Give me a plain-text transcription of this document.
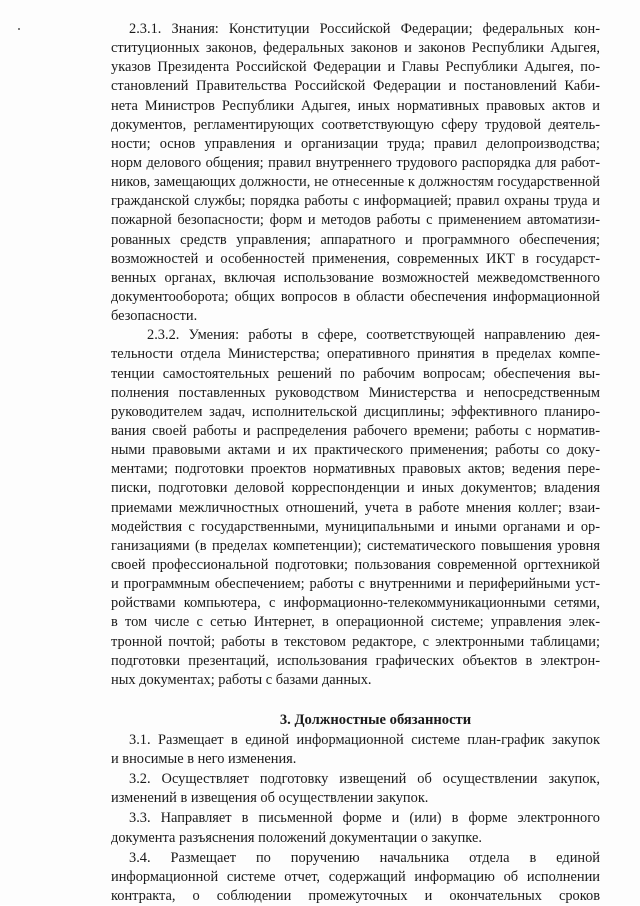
2.3.1. Знания: Конституции Российской Федерации; федеральных кон-
ституционных законов, федеральных законов и законов Республики Адыгея,
указов Президента Российской Федерации и Главы Республики Адыгея, по-
становлений Правительства Российской Федерации и постановлений Каби-
нета Министров Республики Адыгея, иных нормативных правовых актов и
документов, регламентирующих соответствующую сферу трудовой деятель-
ности; основ управления и организации труда; правил делопроизводства;
норм делового общения; правил внутреннего трудового распорядка для работ-
ников, замещающих должности, не отнесенные к должностям государственной
гражданской службы; порядка работы с информацией; правил охраны труда и
пожарной безопасности; форм и методов работы с применением автоматизи-
рованных средств управления; аппаратного и программного обеспечения;
возможностей и особенностей применения, современных ИКТ в государст-
венных органах, включая использование возможностей межведомственного
документооборота; общих вопросов в области обеспечения информационной
безопасности.
2.3.2. Умения: работы в сфере, соответствующей направлению дея-
тельности отдела Министерства; оперативного принятия в пределах компе-
тенции самостоятельных решений по рабочим вопросам; обеспечения вы-
полнения поставленных руководством Министерства и непосредственным
руководителем задач, исполнительской дисциплины; эффективного планиро-
вания своей работы и распределения рабочего времени; работы с норматив-
ными правовыми актами и их практического применения; работы со доку-
ментами; подготовки проектов нормативных правовых актов; ведения пере-
писки, подготовки деловой корреспонденции и иных документов; владения
приемами межличностных отношений, учета в работе мнения коллег; взаи-
модействия с государственными, муниципальными и иными органами и ор-
ганизациями (в пределах компетенции); систематического повышения уровня
своей профессиональной подготовки; пользования современной оргтехникой
и программным обеспечением; работы с внутренними и периферийными уст-
ройствами компьютера, с информационно-телекоммуникационными сетями,
в том числе с сетью Интернет, в операционной системе; управления элек-
тронной почтой; работы в текстовом редакторе, с электронными таблицами;
подготовки презентаций, использования графических объектов в электрон-
ных документах; работы с базами данных.
3. Должностные обязанности
3.1. Размещает в единой информационной системе план-график закупок
и вносимые в него изменения.
3.2. Осуществляет подготовку извещений об осуществлении закупок,
изменений в извещения об осуществлении закупок.
3.3. Направляет в письменной форме и (или) в форме электронного
документа разъяснения положений документации о закупке.
3.4. Размещает по поручению начальника отдела в единой
информационной системе отчет, содержащий информацию об исполнении
контракта, о соблюдении промежуточных и окончательных сроков
